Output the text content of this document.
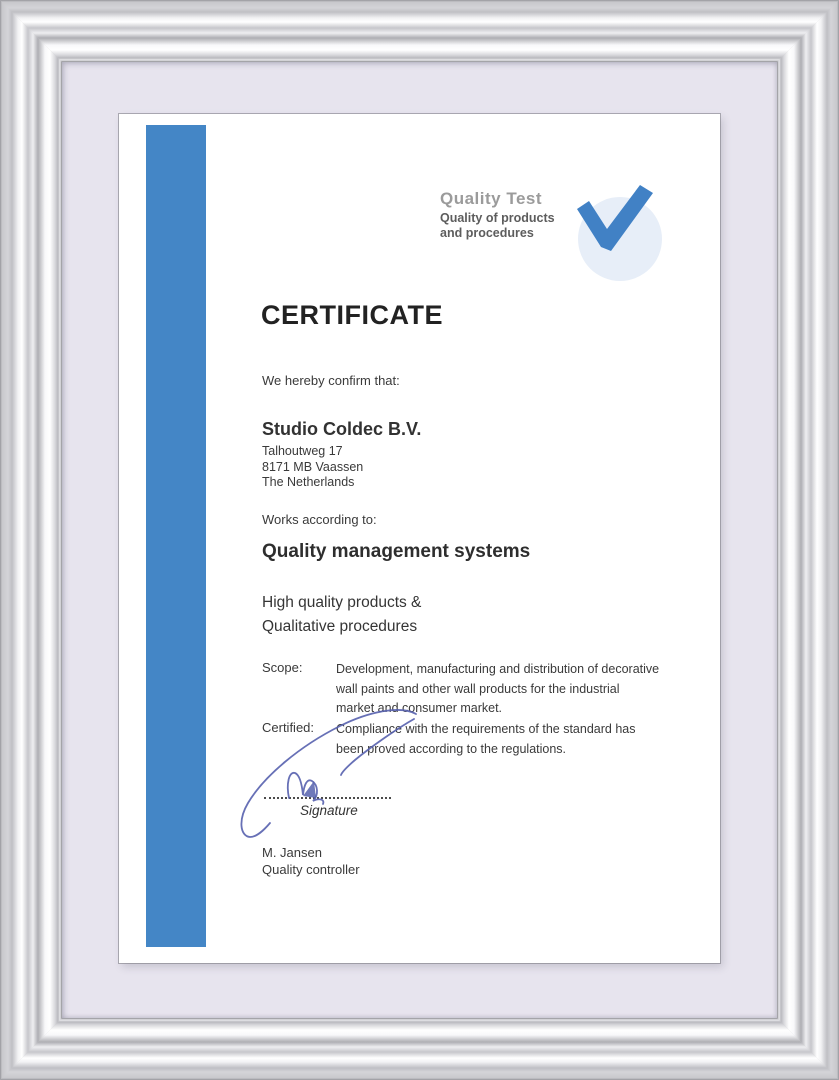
Quality Test
Quality of products
and procedures
CERTIFICATE
We hereby confirm that:
Studio Coldec B.V.
Talhoutweg 17
8171 MB Vaassen
The Netherlands
Works according to:
Quality management systems
High quality products &
Qualitative procedures
Scope:	Development, manufacturing and distribution of decorative
wall paints and other wall products for the industrial
market and consumer market.
Certified: Compliance with the requirements of the standard has
been proved according to the regulations.
Signature
M. Jansen
Quality controller
